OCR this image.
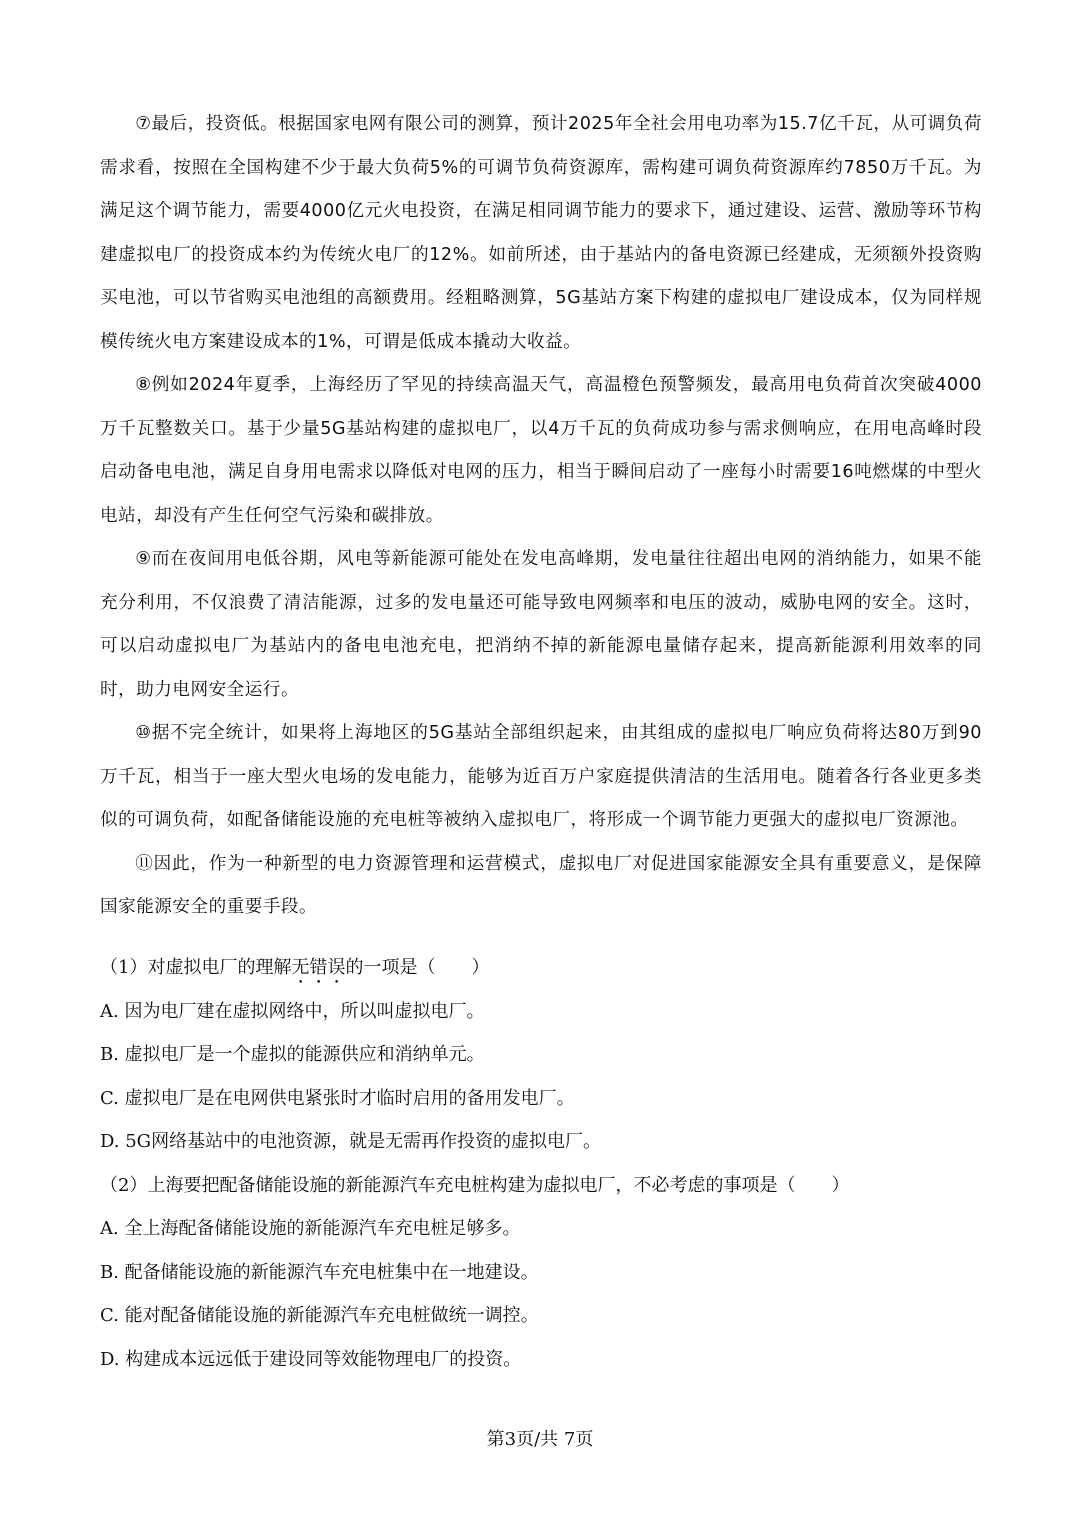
⑦最后，投资低。根据国家电网有限公司的测算，预计2025年全社会用电功率为15.7亿千瓦，从可调负荷需求看，按照在全国构建不少于最大负荷5%的可调节负荷资源库，需构建可调负荷资源库约7850万千瓦。为满足这个调节能力，需要4000亿元火电投资，在满足相同调节能力的要求下，通过建设、运营、激励等环节构建虚拟电厂的投资成本约为传统火电厂的12%。如前所述，由于基站内的备电资源已经建成，无须额外投资购买电池，可以节省购买电池组的高额费用。经粗略测算，5G基站方案下构建的虚拟电厂建设成本，仅为同样规模传统火电方案建设成本的1%，可谓是低成本撬动大收益。

⑧例如2024年夏季，上海经历了罕见的持续高温天气，高温橙色预警频发，最高用电负荷首次突破4000万千瓦整数关口。基于少量5G基站构建的虚拟电厂，以4万千瓦的负荷成功参与需求侧响应，在用电高峰时段启动备电电池，满足自身用电需求以降低对电网的压力，相当于瞬间启动了一座每小时需要16吨燃煤的中型火电站，却没有产生任何空气污染和碳排放。

⑨而在夜间用电低谷期，风电等新能源可能处在发电高峰期，发电量往往超出电网的消纳能力，如果不能充分利用，不仅浪费了清洁能源，过多的发电量还可能导致电网频率和电压的波动，威胁电网的安全。这时，可以启动虚拟电厂为基站内的备电电池充电，把消纳不掉的新能源电量储存起来，提高新能源利用效率的同时，助力电网安全运行。

⑩据不完全统计，如果将上海地区的5G基站全部组织起来，由其组成的虚拟电厂响应负荷将达80万到90万千瓦，相当于一座大型火电场的发电能力，能够为近百万户家庭提供清洁的生活用电。随着各行各业更多类似的可调负荷，如配备储能设施的充电桩等被纳入虚拟电厂，将形成一个调节能力更强大的虚拟电厂资源池。

⑪因此，作为一种新型的电力资源管理和运营模式，虚拟电厂对促进国家能源安全具有重要意义，是保障国家能源安全的重要手段。

（1）对虚拟电厂的理解无错误的一项是（　　）
A. 因为电厂建在虚拟网络中，所以叫虚拟电厂。
B. 虚拟电厂是一个虚拟的能源供应和消纳单元。
C. 虚拟电厂是在电网供电紧张时才临时启用的备用发电厂。
D. 5G网络基站中的电池资源，就是无需再作投资的虚拟电厂。
（2）上海要把配备储能设施的新能源汽车充电桩构建为虚拟电厂，不必考虑的事项是（　　）
A. 全上海配备储能设施的新能源汽车充电桩足够多。
B. 配备储能设施的新能源汽车充电桩集中在一地建设。
C. 能对配备储能设施的新能源汽车充电桩做统一调控。
D. 构建成本远远低于建设同等效能物理电厂的投资。
第3页/共 7页
